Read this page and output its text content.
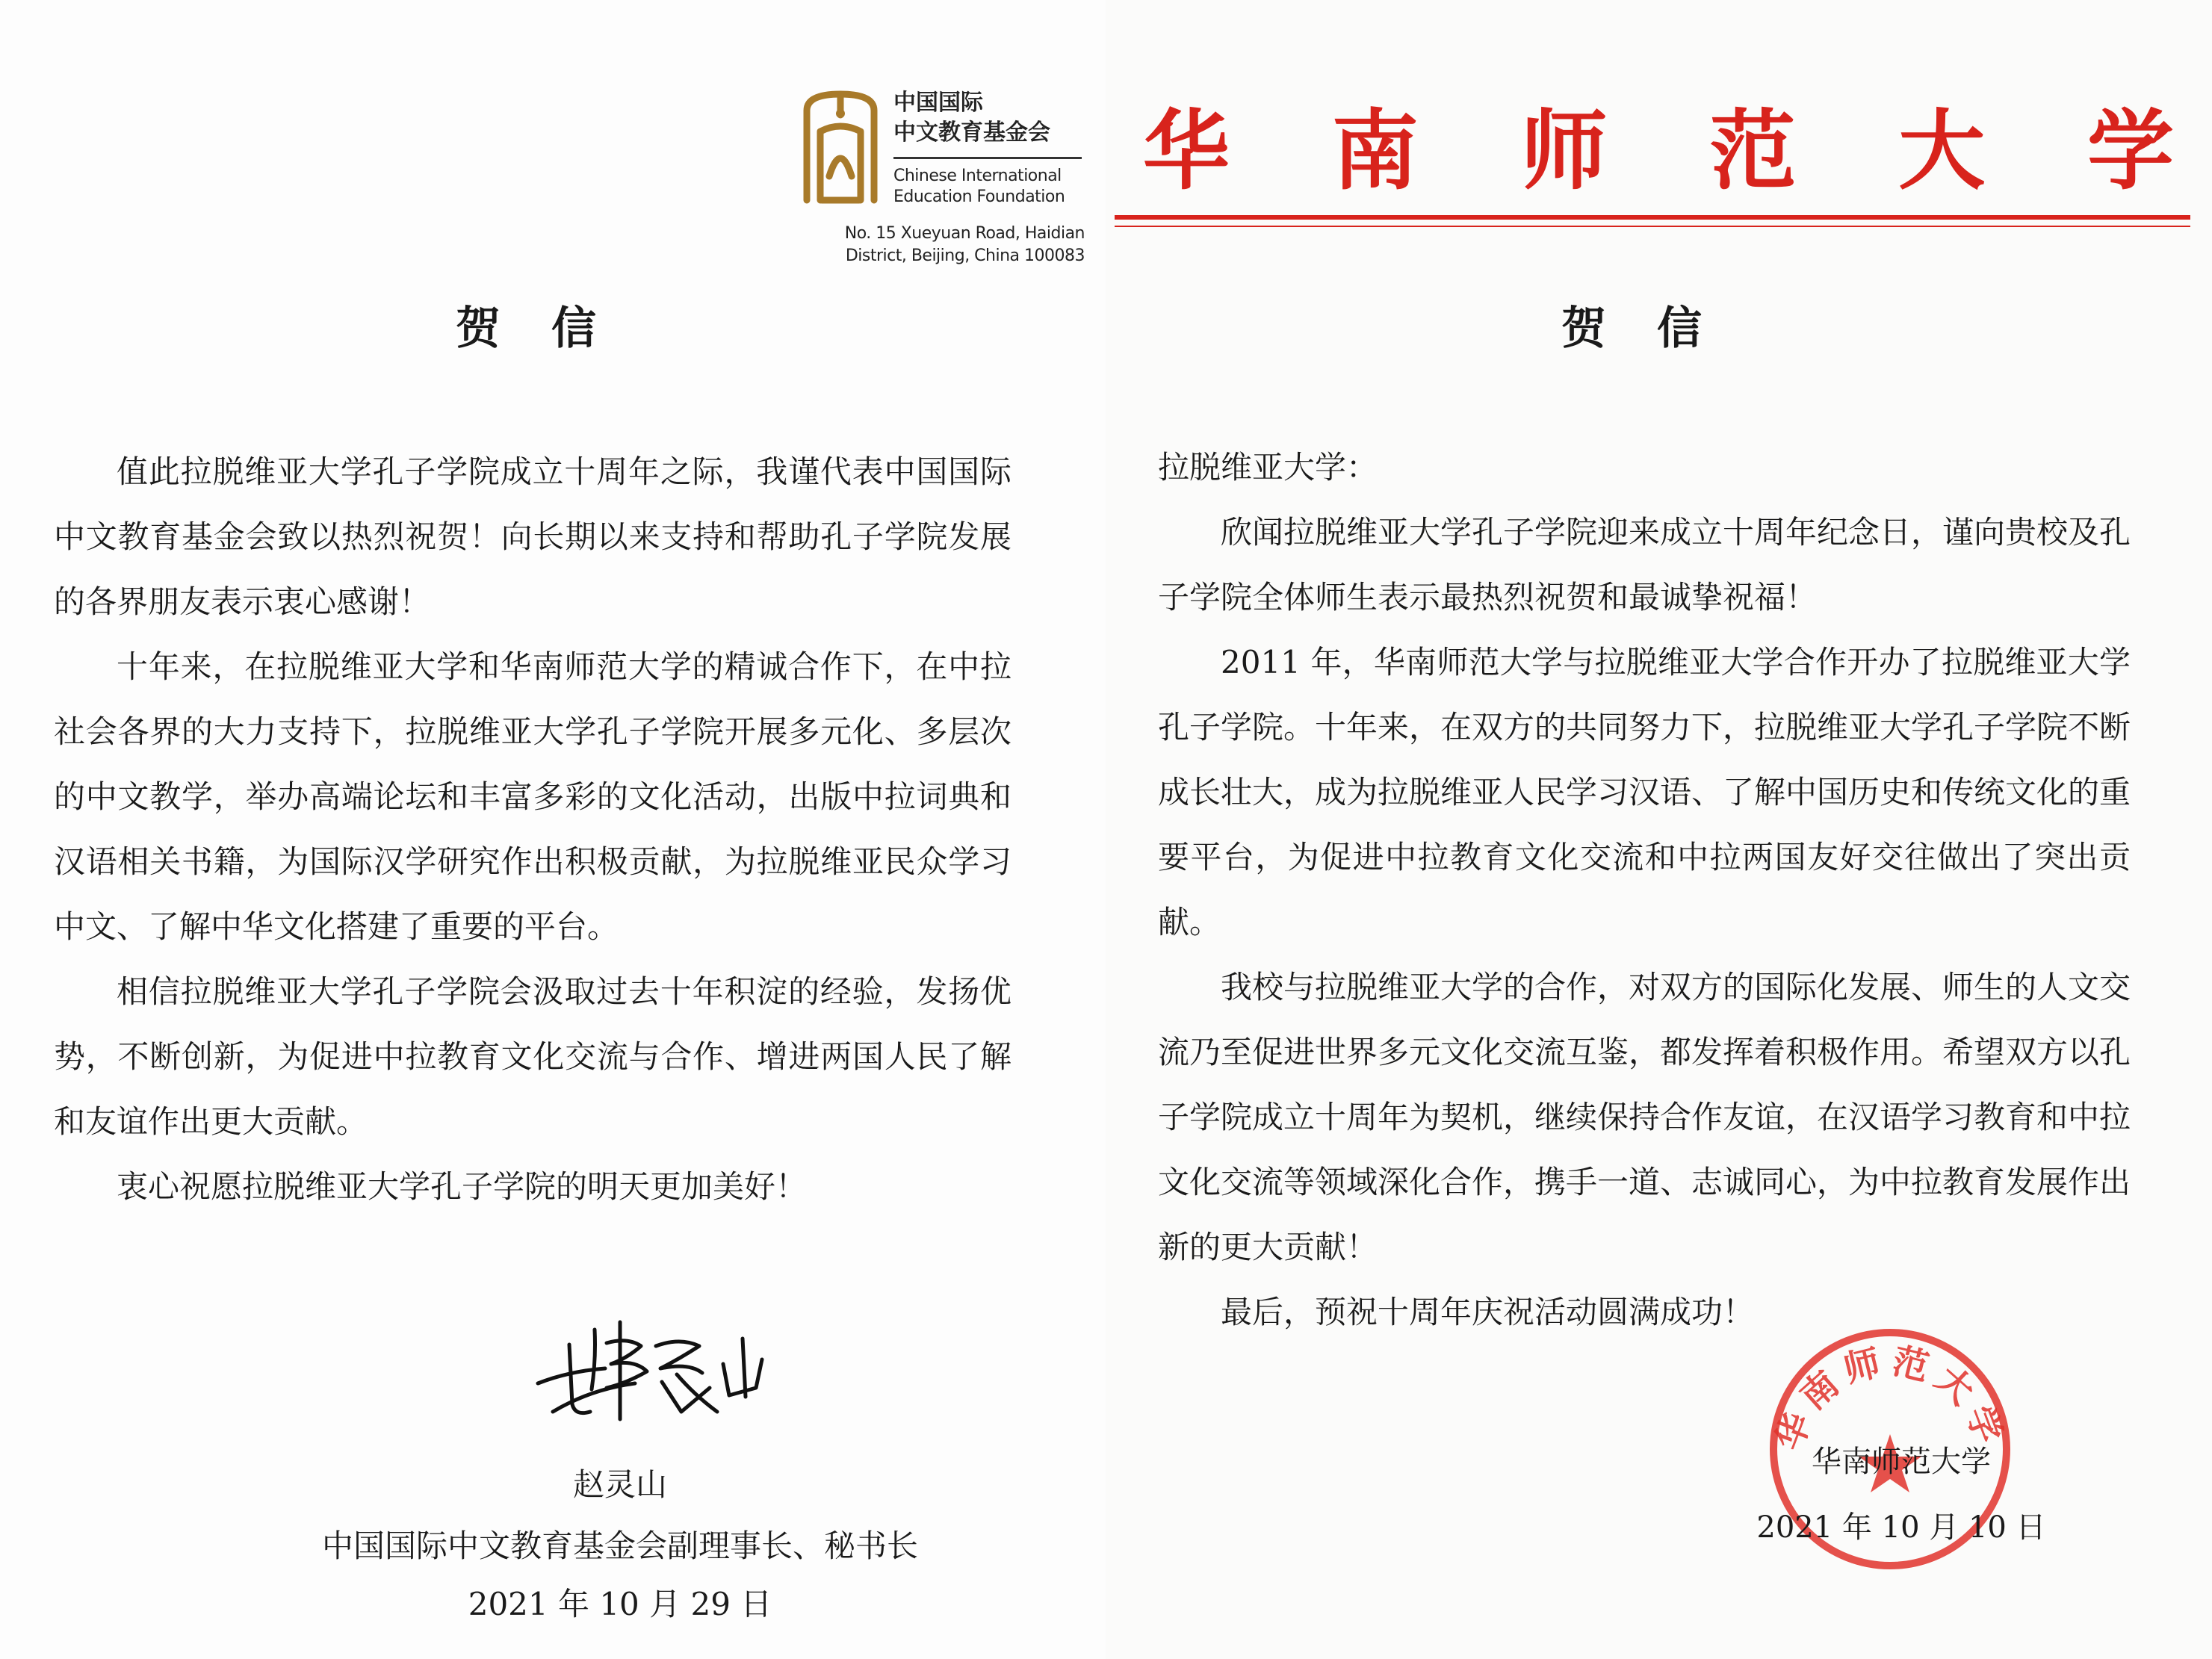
中国国际
中文教育基金会
Chinese International
Education Foundation
No. 15 Xueyuan Road, Haidian
District, Beijing, China 100083
贺信

值此拉脱维亚大学孔子学院成立十周年之际，我谨代表中国国际中文教育基金会致以热烈祝贺！向长期以来支持和帮助孔子学院发展的各界朋友表示衷心感谢！

十年来，在拉脱维亚大学和华南师范大学的精诚合作下，在中拉社会各界的大力支持下，拉脱维亚大学孔子学院开展多元化、多层次的中文教学，举办高端论坛和丰富多彩的文化活动，出版中拉词典和汉语相关书籍，为国际汉学研究作出积极贡献，为拉脱维亚民众学习中文、了解中华文化搭建了重要的平台。

相信拉脱维亚大学孔子学院会汲取过去十年积淀的经验，发扬优势，不断创新，为促进中拉教育文化交流与合作、增进两国人民了解和友谊作出更大贡献。

衷心祝愿拉脱维亚大学孔子学院的明天更加美好！

赵灵山
中国国际中文教育基金会副理事长、秘书长
2021 年 10 月 29 日
华 南 师 范 大 学
贺信

拉脱维亚大学：

欣闻拉脱维亚大学孔子学院迎来成立十周年纪念日，谨向贵校及孔子学院全体师生表示最热烈祝贺和最诚挚祝福！

2011 年，华南师范大学与拉脱维亚大学合作开办了拉脱维亚大学孔子学院。十年来，在双方的共同努力下，拉脱维亚大学孔子学院不断成长壮大，成为拉脱维亚人民学习汉语、了解中国历史和传统文化的重要平台，为促进中拉教育文化交流和中拉两国友好交往做出了突出贡献。

我校与拉脱维亚大学的合作，对双方的国际化发展、师生的人文交流乃至促进世界多元文化交流互鉴，都发挥着积极作用。希望双方以孔子学院成立十周年为契机，继续保持合作友谊，在汉语学习教育和中拉文化交流等领域深化合作，携手一道、志诚同心，为中拉教育发展作出新的更大贡献！

最后，预祝十周年庆祝活动圆满成功！

华南师范大学
华南师范大学
2021 年 10 月 10 日
